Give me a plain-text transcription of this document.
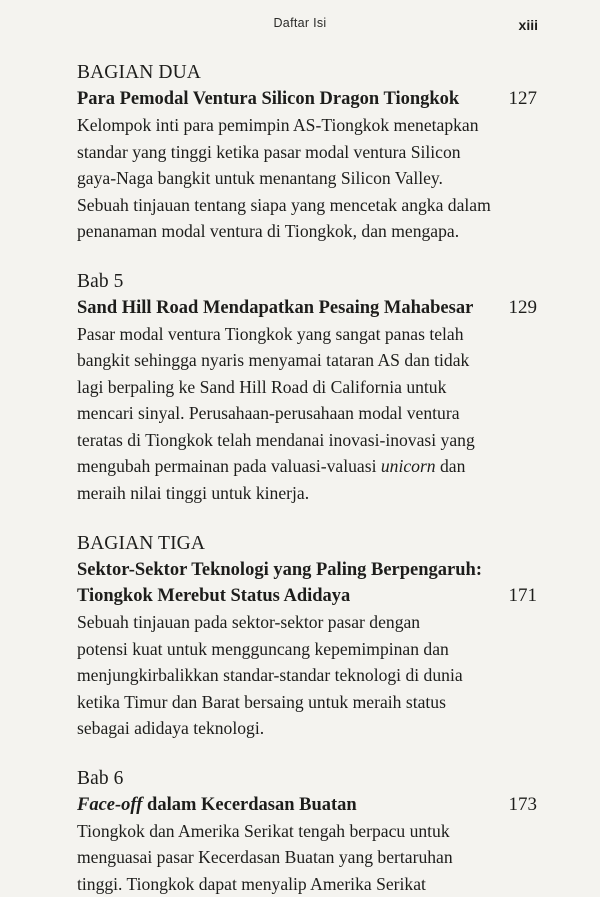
Daftar Isi	xiii
BAGIAN DUA
Para Pemodal Ventura Silicon Dragon Tiongkok	127

Kelompok inti para pemimpin AS-Tiongkok menetapkan
standar yang tinggi ketika pasar modal ventura Silicon
gaya-Naga bangkit untuk menantang Silicon Valley.
Sebuah tinjauan tentang siapa yang mencetak angka dalam
penanaman modal ventura di Tiongkok, dan mengapa.

Bab 5
Sand Hill Road Mendapatkan Pesaing Mahabesar 129

Pasar modal ventura Tiongkok yang sangat panas telah
bangkit sehingga nyaris menyamai tataran AS dan tidak
lagi berpaling ke Sand Hill Road di California untuk
mencari sinyal. Perusahaan-perusahaan modal ventura
teratas di Tiongkok telah mendanai inovasi-inovasi yang
mengubah permainan pada valuasi-valuasi unicorn dan
meraih nilai tinggi untuk kinerja.

BAGIAN TIGA
Sektor-Sektor Teknologi yang Paling Berpengaruh:
Tiongkok Merebut Status Adidaya	171

Sebuah tinjauan pada sektor-sektor pasar dengan
potensi kuat untuk mengguncang kepemimpinan dan
menjungkirbalikkan standar-standar teknologi di dunia
ketika Timur dan Barat bersaing untuk meraih status
sebagai adidaya teknologi.

Bab 6
Face-off dalam Kecerdasan Buatan	173

Tiongkok dan Amerika Serikat tengah berpacu untuk
menguasai pasar Kecerdasan Buatan yang bertaruhan
tinggi. Tiongkok dapat menyalip Amerika Serikat
